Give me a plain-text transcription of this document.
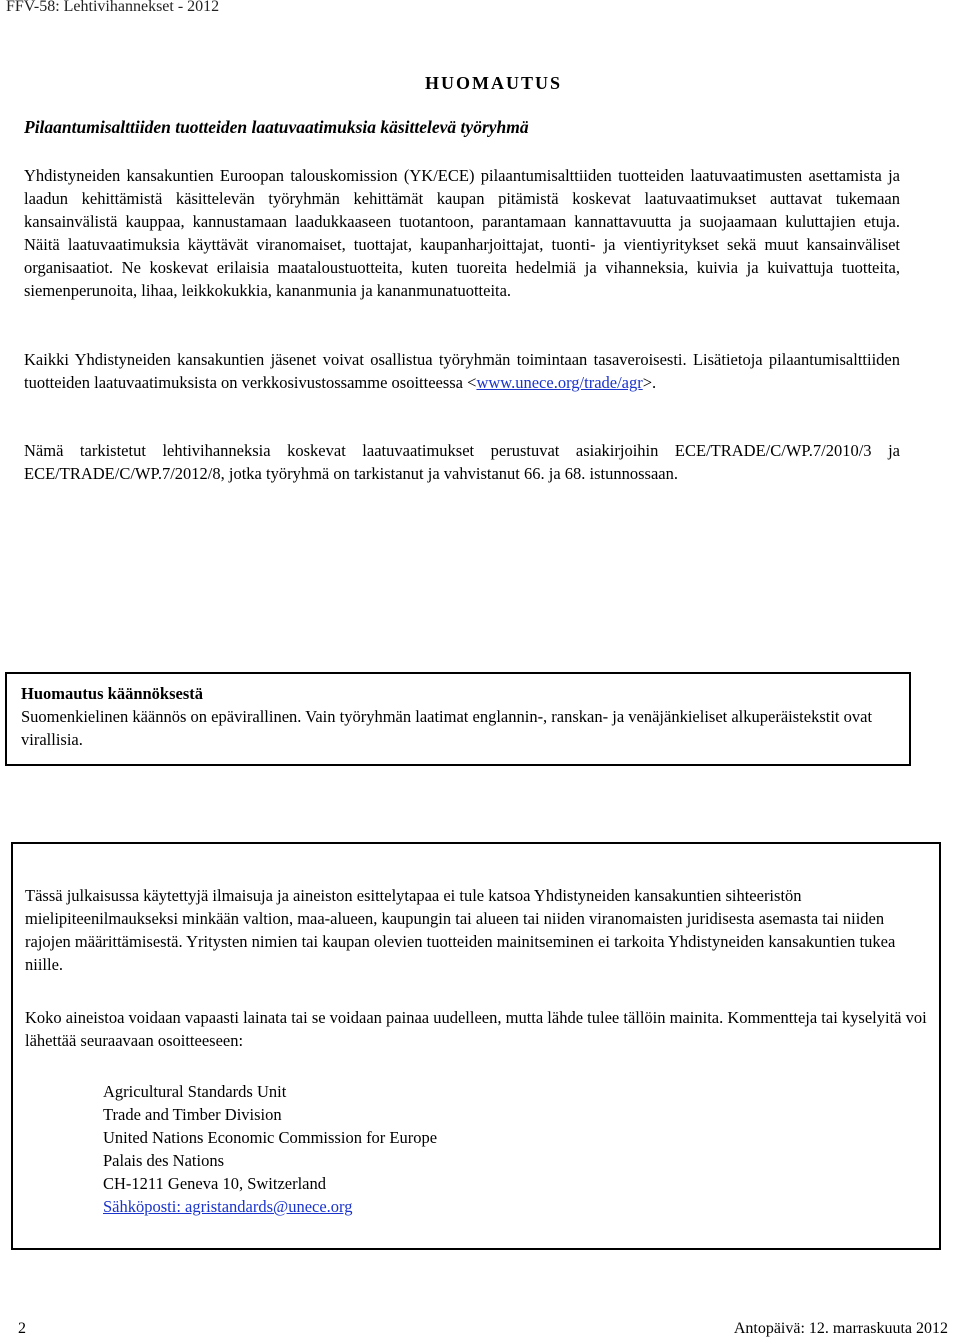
FFV-58: Lehtivihannekset - 2012
HUOMAUTUS
Pilaantumisalttiiden tuotteiden laatuvaatimuksia käsittelevä työryhmä
Yhdistyneiden kansakuntien Euroopan talouskomission (YK/ECE) pilaantumisalttiiden tuotteiden laatuvaatimusten asettamista ja laadun kehittämistä käsittelevän työryhmän kehittämät kaupan pitämistä koskevat laatuvaatimukset auttavat tukemaan kansainvälistä kauppaa, kannustamaan laadukkaaseen tuotantoon, parantamaan kannattavuutta ja suojaamaan kuluttajien etuja. Näitä laatuvaatimuksia käyttävät viranomaiset, tuottajat, kaupanharjoittajat, tuonti- ja vientiyritykset sekä muut kansainväliset organisaatiot. Ne koskevat erilaisia maataloustuotteita, kuten tuoreita hedelmiä ja vihanneksia, kuivia ja kuivattuja tuotteita, siemenperunoita, lihaa, leikkokukkia, kananmunia ja kananmunatuotteita.
Kaikki Yhdistyneiden kansakuntien jäsenet voivat osallistua työryhmän toimintaan tasaveroisesti. Lisätietoja pilaantumisalttiiden tuotteiden laatuvaatimuksista on verkkosivustossamme osoitteessa <www.unece.org/trade/agr>.
Nämä tarkistetut lehtivihanneksia koskevat laatuvaatimukset perustuvat asiakirjoihin ECE/TRADE/C/WP.7/2010/3 ja ECE/TRADE/C/WP.7/2012/8, jotka työryhmä on tarkistanut ja vahvistanut 66. ja 68. istunnossaan.
Huomautus käännöksestä
Suomenkielinen käännös on epävirallinen. Vain työryhmän laatimat englannin-, ranskan- ja venäjänkieliset alkuperäistekstit ovat virallisia.
Tässä julkaisussa käytettyjä ilmaisuja ja aineiston esittelytapaa ei tule katsoa Yhdistyneiden kansakuntien sihteeristön mielipiteenilmaukseksi minkään valtion, maa-alueen, kaupungin tai alueen tai niiden viranomaisten juridisesta asemasta tai niiden rajojen määrittämisestä. Yritysten nimien tai kaupan olevien tuotteiden mainitseminen ei tarkoita Yhdistyneiden kansakuntien tukea niille.
Koko aineistoa voidaan vapaasti lainata tai se voidaan painaa uudelleen, mutta lähde tulee tällöin mainita. Kommentteja tai kyselyitä voi lähettää seuraavaan osoitteeseen:
Agricultural Standards Unit
Trade and Timber Division
United Nations Economic Commission for Europe
Palais des Nations
CH-1211 Geneva 10, Switzerland
Sähköposti: agristandards@unece.org
2	Antopäivä: 12. marraskuuta 2012
